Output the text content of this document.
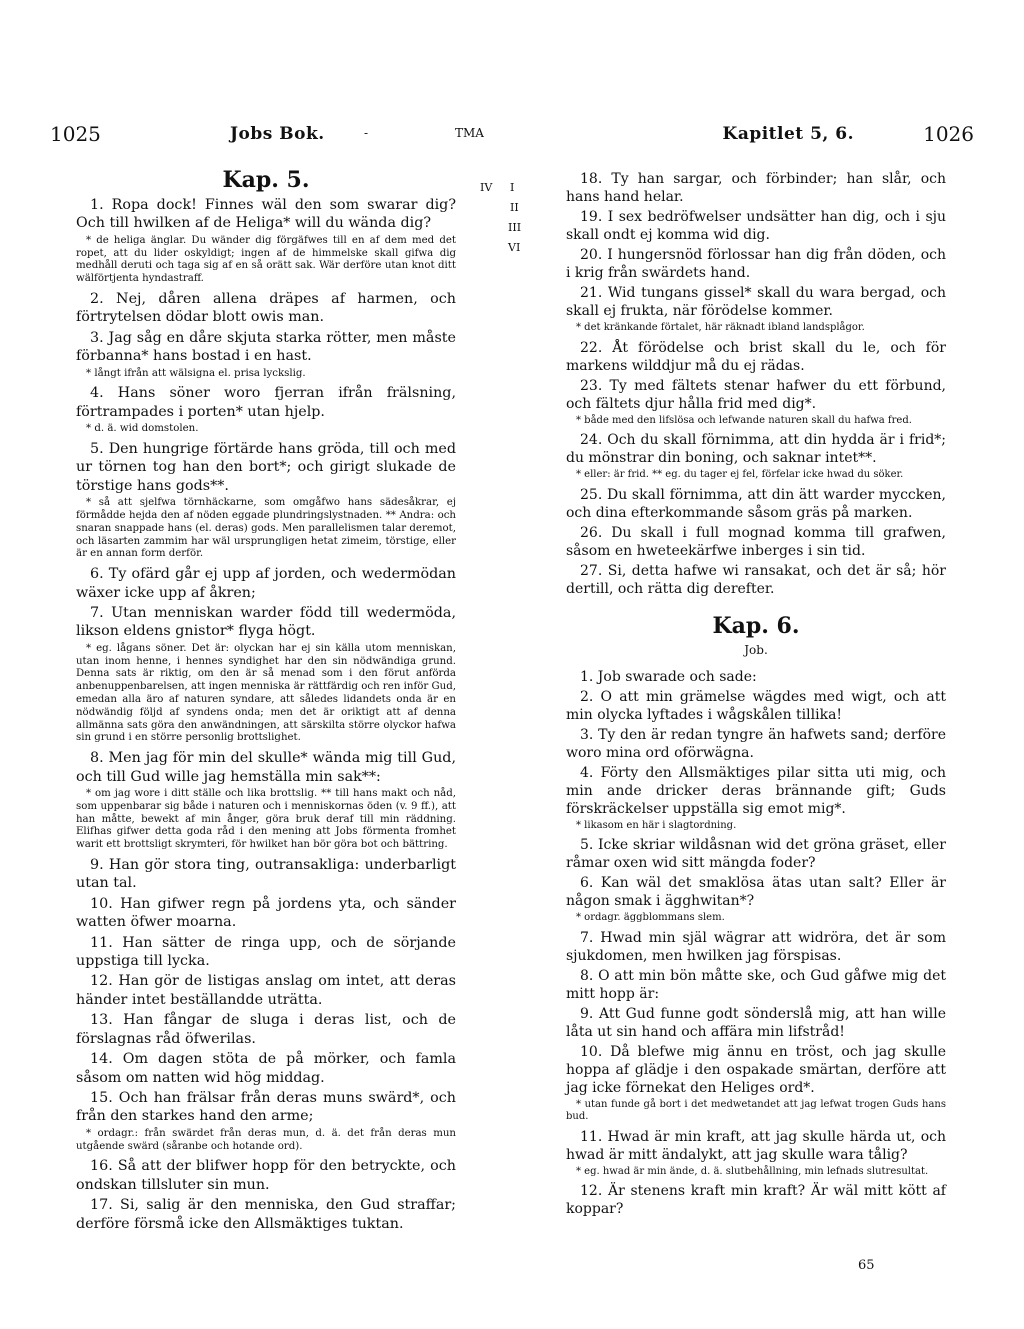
1025	Jobs Bok.	-	TMA	Kapitlet 5, 6.	1026
IV I
II
III
VI
Kap. 5.

1. Ropa dock! Finnes wäl den som swarar dig? Och till hwilken af de Heliga* will du wända dig?

* de heliga änglar. Du wänder dig förgäfwes till en af dem med det ropet, att du lider oskyldigt; ingen af de himmelske skall gifwa dig medhåll deruti och taga sig af en så orätt sak. Wär derföre utan knot ditt wälförtjenta hyndastraff.

2. Nej, dåren allena dräpes af harmen, och förtrytelsen dödar blott owis man.

3. Jag såg en dåre skjuta starka rötter, men måste förbanna* hans bostad i en hast.

* långt ifrån att wälsigna el. prisa lyckslig.

4. Hans söner woro fjerran ifrån frälsning, förtrampades i porten* utan hjelp.

* d. ä. wid domstolen.

5. Den hungrige förtärde hans gröda, till och med ur törnen tog han den bort*; och girigt slukade de törstige hans gods**.

* så att sjelfwa törnhäckarne, som omgåfwo hans sädesåkrar, ej förmådde hejda den af nöden eggade plundringslystnaden. ** Andra: och snaran snappade hans (el. deras) gods. Men parallelismen talar deremot, och läsarten zammim har wäl ursprungligen hetat zimeim, törstige, eller är en annan form derför.

6. Ty ofärd går ej upp af jorden, och wedermödan wäxer icke upp af åkren;

7. Utan menniskan warder född till wedermöda, likson eldens gnistor* flyga högt.

* eg. lågans söner. Det är: olyckan har ej sin källa utom menniskan, utan inom henne, i hennes syndighet har den sin nödwändiga grund. Denna sats är riktig, om den är så menad som i den förut anförda anbenuppenbarelsen, att ingen menniska är rättfärdig och ren inför Gud, emedan alla äro af naturen syndare, att således lidandets onda är en nödwändig följd af syndens onda; men det är oriktigt att af denna allmänna sats göra den anwändningen, att särskilta större olyckor hafwa sin grund i en större personlig brottslighet.

8. Men jag för min del skulle* wända mig till Gud, och till Gud wille jag hemställa min sak**:

* om jag wore i ditt ställe och lika brottslig. ** till hans makt och nåd, som uppenbarar sig både i naturen och i menniskornas öden (v. 9 ff.), att han måtte, bewekt af min ånger, göra bruk deraf till min räddning. Elifhas gifwer detta goda råd i den mening att Jobs förmenta fromhet warit ett brottsligt skrymteri, för hwilket han bör göra bot och bättring.

9. Han gör stora ting, outransakliga: underbarligt utan tal.

10. Han gifwer regn på jordens yta, och sänder watten öfwer moarna.

11. Han sätter de ringa upp, och de sörjande uppstiga till lycka.

12. Han gör de listigas anslag om intet, att deras händer intet beställandde uträtta.

13. Han fångar de sluga i deras list, och de förslagnas råd öfwerilas.

14. Om dagen stöta de på mörker, och famla såsom om natten wid hög middag.

15. Och han frälsar från deras muns swärd*, och från den starkes hand den arme;

* ordagr.: från swärdet från deras mun, d. ä. det från deras mun utgående swärd (såranbe och hotande ord).

16. Så att der blifwer hopp för den betryckte, och ondskan tillsluter sin mun.

17. Si, salig är den menniska, den Gud straffar; derföre försmå icke den Allsmäktiges tuktan.

18. Ty han sargar, och förbinder; han slår, och hans hand helar.

19. I sex bedröfwelser undsätter han dig, och i sju skall ondt ej komma wid dig.

20. I hungersnöd förlossar han dig från döden, och i krig från swärdets hand.

21. Wid tungans gissel* skall du wara bergad, och skall ej frukta, när förödelse kommer.

* det kränkande förtalet, här räknadt ibland landsplågor.

22. Åt förödelse och brist skall du le, och för markens wilddjur må du ej rädas.

23. Ty med fältets stenar hafwer du ett förbund, och fältets djur hålla frid med dig*.

* både med den lifslösa och lefwande naturen skall du hafwa fred.

24. Och du skall förnimma, att din hydda är i frid*; du mönstrar din boning, och saknar intet**.

* eller: är frid. ** eg. du tager ej fel, förfelar icke hwad du söker.

25. Du skall förnimma, att din ätt warder myccken, och dina efterkommande såsom gräs på marken.

26. Du skall i full mognad komma till grafwen, såsom en hweteekärfwe inberges i sin tid.

27. Si, detta hafwe wi ransakat, och det är så; hör dertill, och rätta dig derefter.

Kap. 6.
Job.

1. Job swarade och sade:

2. O att min grämelse wägdes med wigt, och att min olycka lyftades i wågskålen tillika!

3. Ty den är redan tyngre än hafwets sand; derföre woro mina ord oförwägna.

4. Förty den Allsmäktiges pilar sitta uti mig, och min ande dricker deras brännande gift; Guds förskräckelser uppställa sig emot mig*.

* likasom en här i slagtordning.

5. Icke skriar wildåsnan wid det gröna gräset, eller råmar oxen wid sitt mängda foder?

6. Kan wäl det smaklösa ätas utan salt? Eller är någon smak i ägghwitan*?

* ordagr. äggblommans slem.

7. Hwad min själ wägrar att widröra, det är som sjukdomen, men hwilken jag förspisas.

8. O att min bön måtte ske, och Gud gåfwe mig det mitt hopp är:

9. Att Gud funne godt sönderslå mig, att han wille låta ut sin hand och affära min lifstråd!

10. Då blefwe mig ännu en tröst, och jag skulle hoppa af glädje i den ospakade smärtan, derföre att jag icke förnekat den Heliges ord*.

* utan funde gå bort i det medwetandet att jag lefwat trogen Guds hans bud.

11. Hwad är min kraft, att jag skulle härda ut, och hwad är mitt ändalykt, att jag skulle wara tålig?

* eg. hwad är min ände, d. ä. slutbehållning, min lefnads slutresultat.

12. Är stenens kraft min kraft? Är wäl mitt kött af koppar?

65
